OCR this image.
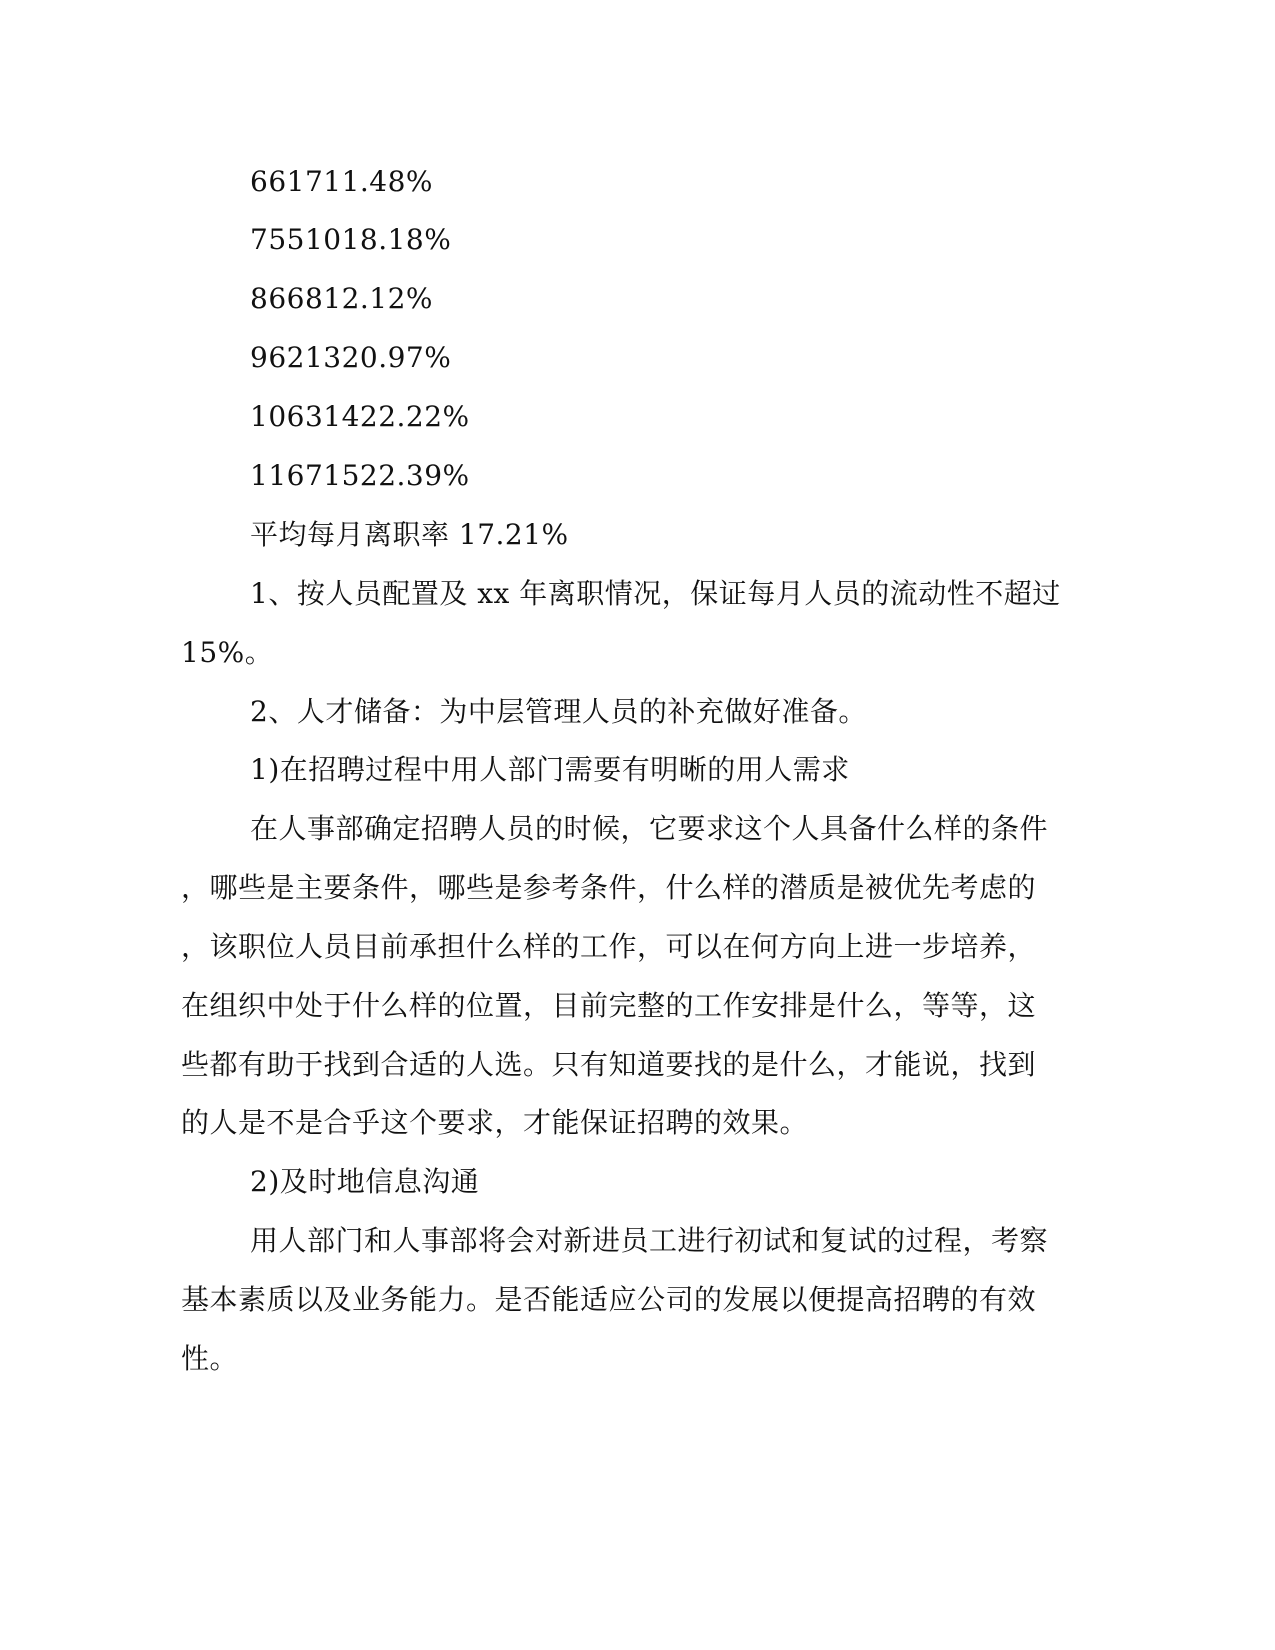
661711.48%
7551018.18%
866812.12%
9621320.97%
10631422.22%
11671522.39%
平均每月离职率 17.21%
1、按人员配置及 xx 年离职情况，保证每月人员的流动性不超过
15%。
2、人才储备：为中层管理人员的补充做好准备。
1)在招聘过程中用人部门需要有明晰的用人需求
在人事部确定招聘人员的时候，它要求这个人具备什么样的条件
，哪些是主要条件，哪些是参考条件，什么样的潜质是被优先考虑的
，该职位人员目前承担什么样的工作，可以在何方向上进一步培养，
在组织中处于什么样的位置，目前完整的工作安排是什么，等等，这
些都有助于找到合适的人选。只有知道要找的是什么，才能说，找到
的人是不是合乎这个要求，才能保证招聘的效果。
2)及时地信息沟通
用人部门和人事部将会对新进员工进行初试和复试的过程，考察
基本素质以及业务能力。是否能适应公司的发展以便提高招聘的有效
性。
